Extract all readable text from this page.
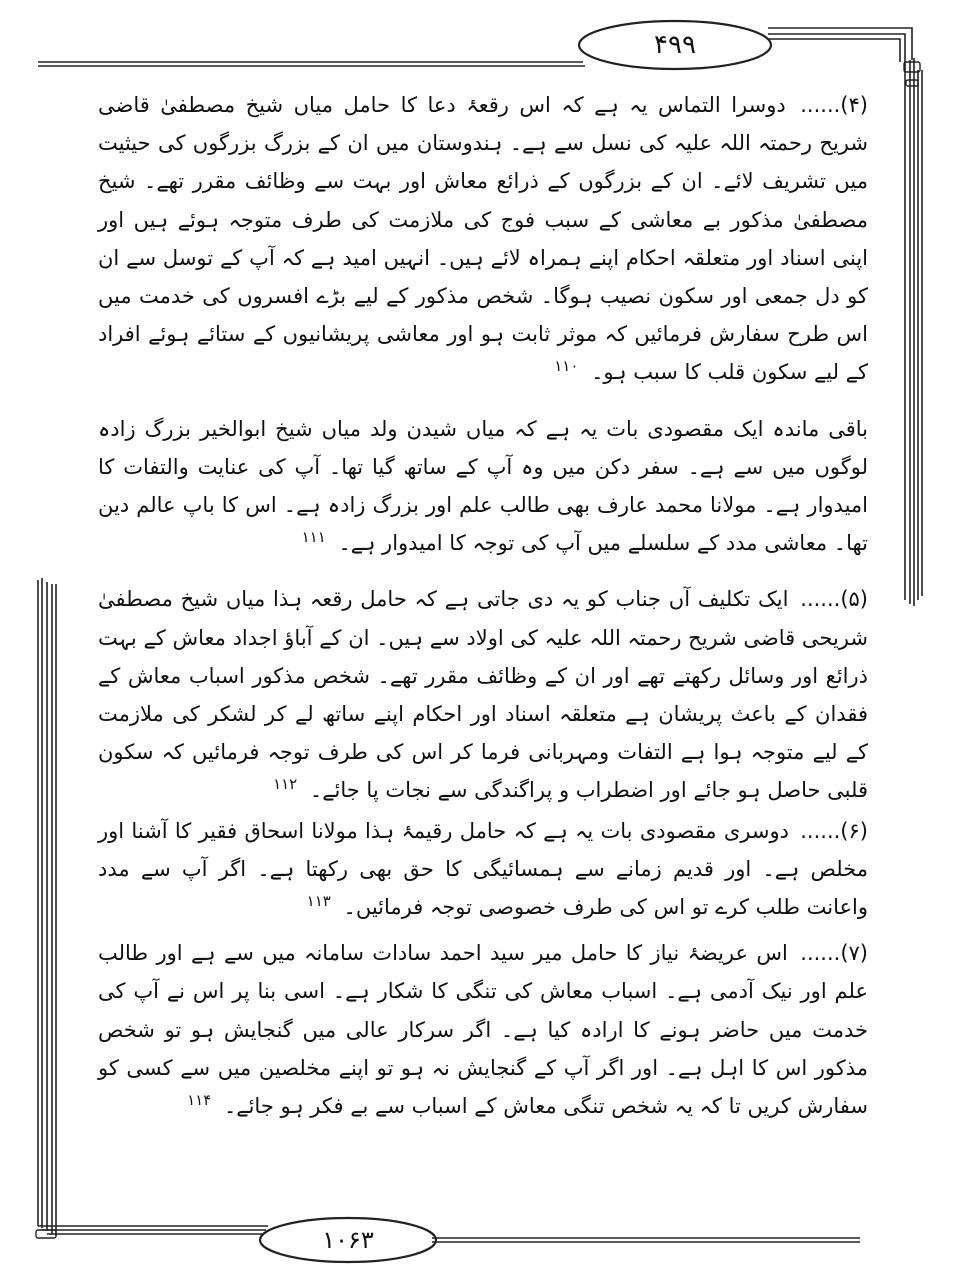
۴۹۹
۱۰۶۳

(۴)...... دوسرا التماس یہ ہے کہ اس رقعۂ دعا کا حامل میاں شیخ مصطفیٰ قاضی شریح رحمتہ اللہ علیہ کی نسل سے ہے۔ ہندوستان میں ان کے بزرگ بزرگوں کی حیثیت میں تشریف لائے۔ ان کے بزرگوں کے ذرائع معاش اور بہت سے وظائف مقرر تھے۔ شیخ مصطفیٰ مذکور بے معاشی کے سبب فوج کی ملازمت کی طرف متوجہ ہوئے ہیں اور اپنی اسناد اور متعلقہ احکام اپنے ہمراہ لائے ہیں۔ انہیں امید ہے کہ آپ کے توسل سے ان کو دل جمعی اور سکون نصیب ہوگا۔ شخص مذکور کے لیے بڑے افسروں کی خدمت میں اس طرح سفارش فرمائیں کہ موثر ثابت ہو اور معاشی پریشانیوں کے ستائے ہوئے افراد کے لیے سکون قلب کا سبب ہو۔ $^{۱۱۰}$

باقی ماندہ ایک مقصودی بات یہ ہے کہ میاں شیدن ولد میاں شیخ ابوالخیر بزرگ زادہ لوگوں میں سے ہے۔ سفر دکن میں وہ آپ کے ساتھ گیا تھا۔ آپ کی عنایت والتفات کا امیدوار ہے۔ مولانا محمد عارف بھی طالب علم اور بزرگ زادہ ہے۔ اس کا باپ عالم دین تھا۔ معاشی مدد کے سلسلے میں آپ کی توجہ کا امیدوار ہے۔ $^{۱۱۱}$

(۵)...... ایک تکلیف آں جناب کو یہ دی جاتی ہے کہ حامل رقعہ ہذا میاں شیخ مصطفیٰ شریحی قاضی شریح رحمتہ اللہ علیہ کی اولاد سے ہیں۔ ان کے آباؤ اجداد معاش کے بہت ذرائع اور وسائل رکھتے تھے اور ان کے وظائف مقرر تھے۔ شخص مذکور اسباب معاش کے فقدان کے باعث پریشان ہے متعلقہ اسناد اور احکام اپنے ساتھ لے کر لشکر کی ملازمت کے لیے متوجہ ہوا ہے التفات ومہربانی فرما کر اس کی طرف توجہ فرمائیں کہ سکون قلبی حاصل ہو جائے اور اضطراب و پراگندگی سے نجات پا جائے۔ $^{۱۱۲}$

(۶)...... دوسری مقصودی بات یہ ہے کہ حامل رقیمۂ ہذا مولانا اسحاق فقیر کا آشنا اور مخلص ہے۔ اور قدیم زمانے سے ہمسائیگی کا حق بھی رکھتا ہے۔ اگر آپ سے مدد واعانت طلب کرے تو اس کی طرف خصوصی توجہ فرمائیں۔ $^{۱۱۳}$

(۷)...... اس عریضۂ نیاز کا حامل میر سید احمد سادات سامانہ میں سے ہے اور طالب علم اور نیک آدمی ہے۔ اسباب معاش کی تنگی کا شکار ہے۔ اسی بنا پر اس نے آپ کی خدمت میں حاضر ہونے کا ارادہ کیا ہے۔ اگر سرکار عالی میں گنجایش ہو تو شخص مذکور اس کا اہل ہے۔ اور اگر آپ کے گنجایش نہ ہو تو اپنے مخلصین میں سے کسی کو سفارش کریں تا کہ یہ شخص تنگی معاش کے اسباب سے بے فکر ہو جائے۔ $^{۱۱۴}$
